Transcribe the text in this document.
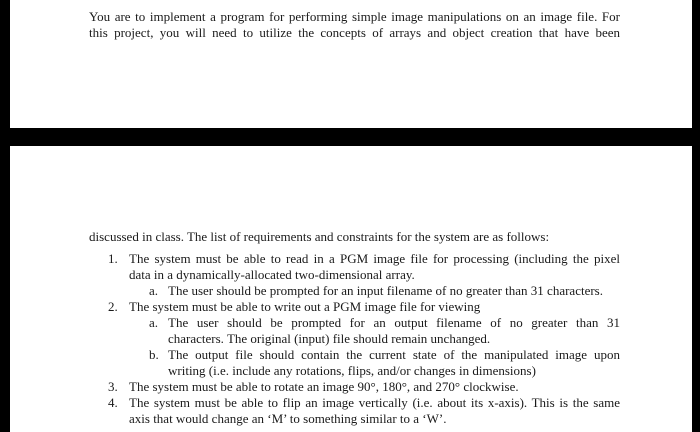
You are to implement a program for performing simple image manipulations on an image file. For
this project, you will need to utilize the concepts of arrays and object creation that have been
discussed in class. The list of requirements and constraints for the system are as follows:
1. The system must be able to read in a PGM image file for processing (including the pixel
data in a dynamically-allocated two-dimensional array.
a. The user should be prompted for an input filename of no greater than 31 characters.
2. The system must be able to write out a PGM image file for viewing
a. The user should be prompted for an output filename of no greater than 31
characters. The original (input) file should remain unchanged.
b. The output file should contain the current state of the manipulated image upon
writing (i.e. include any rotations, flips, and/or changes in dimensions)
3. The system must be able to rotate an image 90°, 180°, and 270° clockwise.
4. The system must be able to flip an image vertically (i.e. about its x-axis). This is the same
axis that would change an ‘M’ to something similar to a ‘W’.
